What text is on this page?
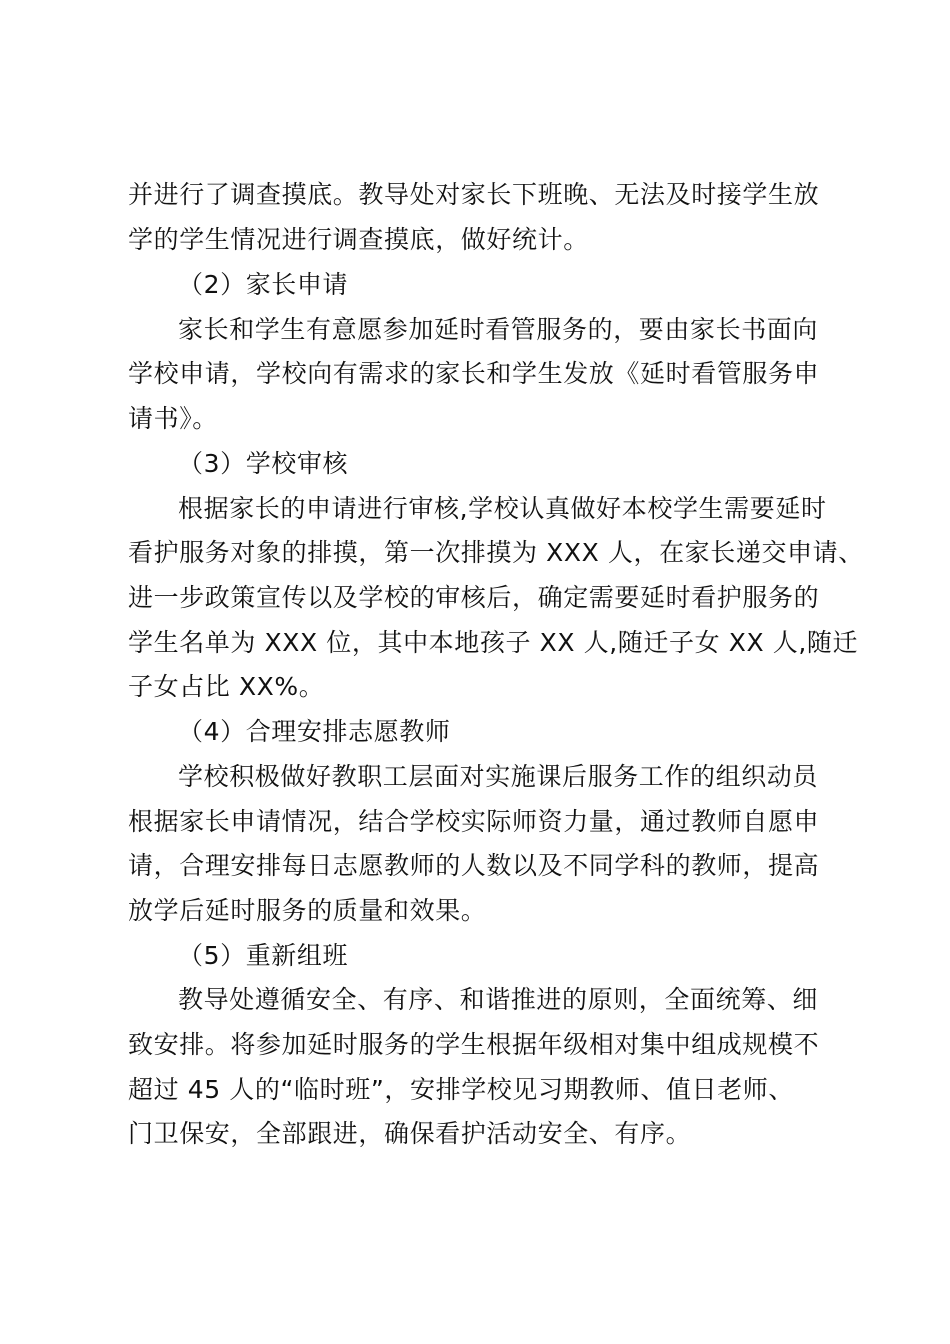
并进行了调查摸底。教导处对家长下班晚、无法及时接学生放
学的学生情况进行调查摸底，做好统计。
（2）家长申请
家长和学生有意愿参加延时看管服务的，要由家长书面向
学校申请，学校向有需求的家长和学生发放《延时看管服务申
请书》。
（3）学校审核
根据家长的申请进行审核,学校认真做好本校学生需要延时
看护服务对象的排摸，第一次排摸为 XXX 人，在家长递交申请、
进一步政策宣传以及学校的审核后，确定需要延时看护服务的
学生名单为 XXX 位，其中本地孩子 XX 人,随迁子女 XX 人,随迁
子女占比 XX%。
（4）合理安排志愿教师
学校积极做好教职工层面对实施课后服务工作的组织动员
根据家长申请情况，结合学校实际师资力量，通过教师自愿申
请，合理安排每日志愿教师的人数以及不同学科的教师，提高
放学后延时服务的质量和效果。
（5）重新组班
教导处遵循安全、有序、和谐推进的原则，全面统筹、细
致安排。将参加延时服务的学生根据年级相对集中组成规模不
超过 45 人的“临时班”，安排学校见习期教师、值日老师、
门卫保安，全部跟进，确保看护活动安全、有序。
